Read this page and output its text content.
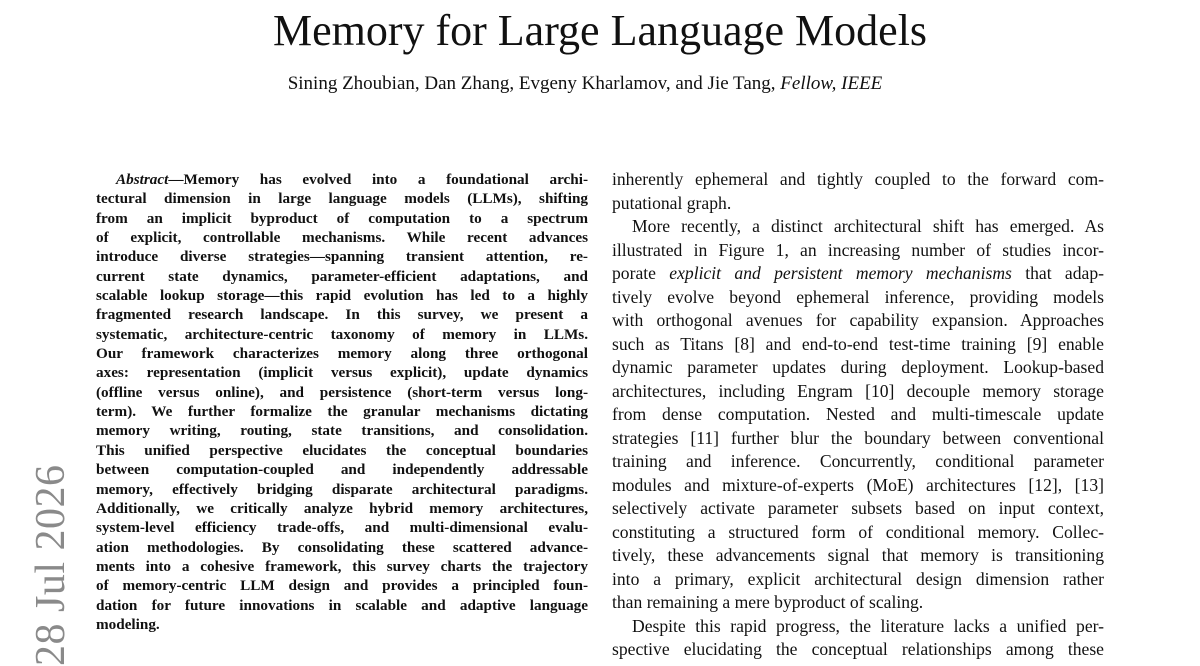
Memory for Large Language Models
Sining Zhoubian, Dan Zhang, Evgeny Kharlamov, and Jie Tang, Fellow, IEEE
28 Jul 2026
Abstract—Memory has evolved into a foundational archi-
tectural dimension in large language models (LLMs), shifting
from an implicit byproduct of computation to a spectrum
of explicit, controllable mechanisms. While recent advances
introduce diverse strategies—spanning transient attention, re-
current state dynamics, parameter-efficient adaptations, and
scalable lookup storage—this rapid evolution has led to a highly
fragmented research landscape. In this survey, we present a
systematic, architecture-centric taxonomy of memory in LLMs.
Our framework characterizes memory along three orthogonal
axes: representation (implicit versus explicit), update dynamics
(offline versus online), and persistence (short-term versus long-
term). We further formalize the granular mechanisms dictating
memory writing, routing, state transitions, and consolidation.
This unified perspective elucidates the conceptual boundaries
between computation-coupled and independently addressable
memory, effectively bridging disparate architectural paradigms.
Additionally, we critically analyze hybrid memory architectures,
system-level efficiency trade-offs, and multi-dimensional evalu-
ation methodologies. By consolidating these scattered advance-
ments into a cohesive framework, this survey charts the trajectory
of memory-centric LLM design and provides a principled foun-
dation for future innovations in scalable and adaptive language
modeling.
inherently ephemeral and tightly coupled to the forward com-
putational graph.
More recently, a distinct architectural shift has emerged. As
illustrated in Figure 1, an increasing number of studies incor-
porate explicit and persistent memory mechanisms that adap-
tively evolve beyond ephemeral inference, providing models
with orthogonal avenues for capability expansion. Approaches
such as Titans [8] and end-to-end test-time training [9] enable
dynamic parameter updates during deployment. Lookup-based
architectures, including Engram [10] decouple memory storage
from dense computation. Nested and multi-timescale update
strategies [11] further blur the boundary between conventional
training and inference. Concurrently, conditional parameter
modules and mixture-of-experts (MoE) architectures [12], [13]
selectively activate parameter subsets based on input context,
constituting a structured form of conditional memory. Collec-
tively, these advancements signal that memory is transitioning
into a primary, explicit architectural design dimension rather
than remaining a mere byproduct of scaling.
Despite this rapid progress, the literature lacks a unified per-
spective elucidating the conceptual relationships among these
